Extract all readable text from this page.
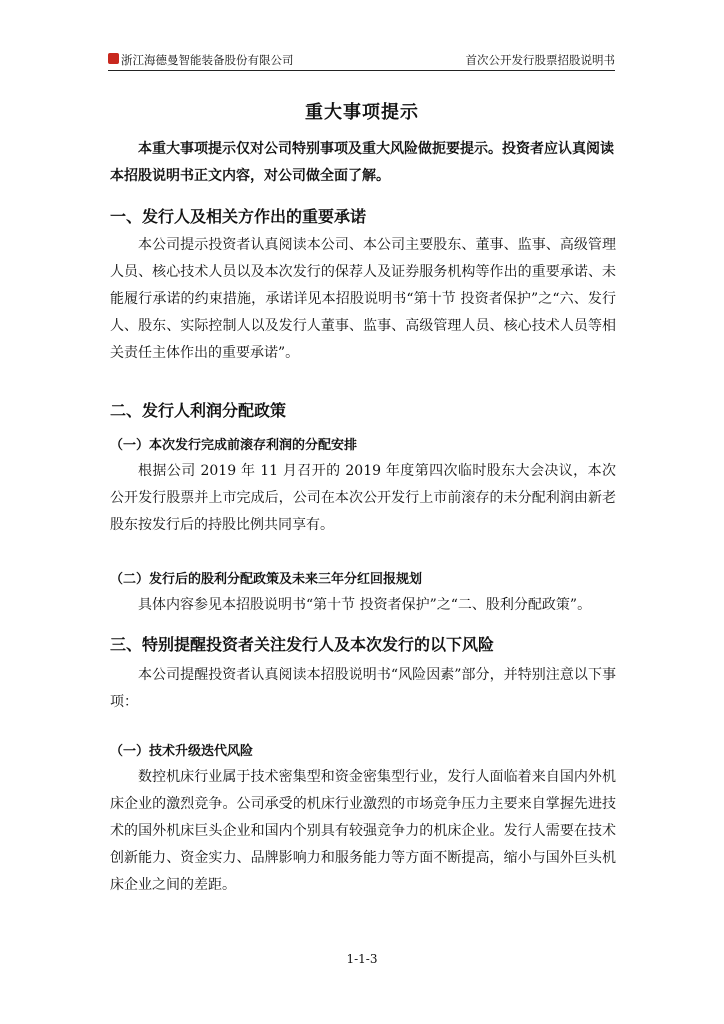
浙江海德曼智能装备股份有限公司	首次公开发行股票招股说明书
重大事项提示

本重大事项提示仅对公司特别事项及重大风险做扼要提示。投资者应认真阅读本招股说明书正文内容，对公司做全面了解。

一、发行人及相关方作出的重要承诺

本公司提示投资者认真阅读本公司、本公司主要股东、董事、监事、高级管理人员、核心技术人员以及本次发行的保荐人及证券服务机构等作出的重要承诺、未能履行承诺的约束措施，承诺详见本招股说明书“第十节 投资者保护”之“六、发行人、股东、实际控制人以及发行人董事、监事、高级管理人员、核心技术人员等相关责任主体作出的重要承诺”。

二、发行人利润分配政策
（一）本次发行完成前滚存利润的分配安排

根据公司 2019 年 11 月召开的 2019 年度第四次临时股东大会决议，本次公开发行股票并上市完成后，公司在本次公开发行上市前滚存的未分配利润由新老股东按发行后的持股比例共同享有。

（二）发行后的股利分配政策及未来三年分红回报规划

具体内容参见本招股说明书“第十节 投资者保护”之“二、股利分配政策”。

三、特别提醒投资者关注发行人及本次发行的以下风险

本公司提醒投资者认真阅读本招股说明书“风险因素”部分，并特别注意以下事项：

（一）技术升级迭代风险

数控机床行业属于技术密集型和资金密集型行业，发行人面临着来自国内外机床企业的激烈竞争。公司承受的机床行业激烈的市场竞争压力主要来自掌握先进技术的国外机床巨头企业和国内个别具有较强竞争力的机床企业。发行人需要在技术创新能力、资金实力、品牌影响力和服务能力等方面不断提高，缩小与国外巨头机床企业之间的差距。

1-1-3
